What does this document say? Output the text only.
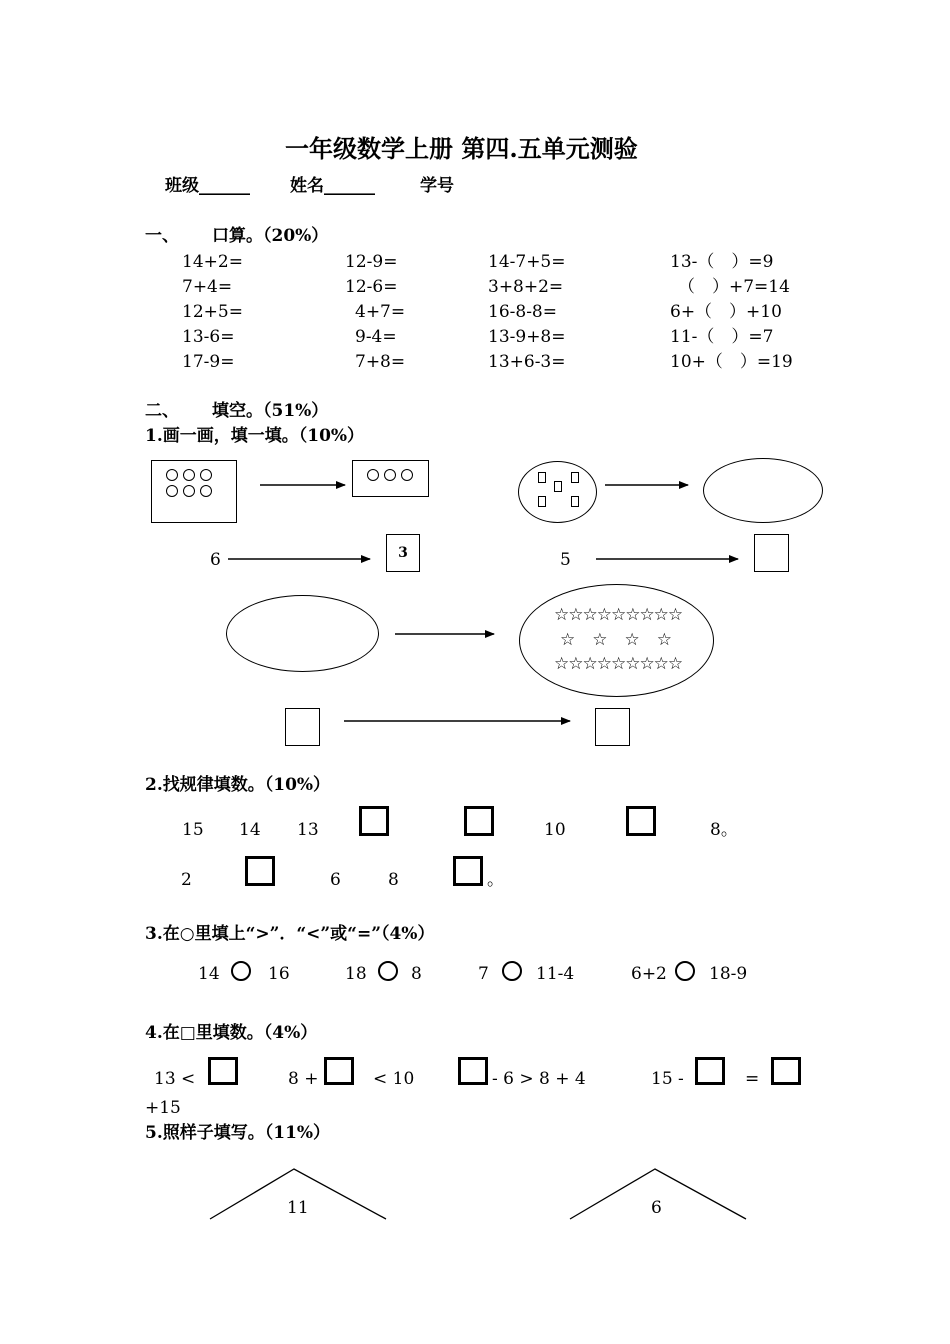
一年级数学上册 第四.五单元测验
班级______ 姓名______	学号
一、 口算。（20%）
14+2=	12-9=	14-7+5=	13-（　）=9
7+4=	12-6=	3+8+2=	（　）+7=14
12+5=	4+7=	16-8-8=	6+（　）+10
13-6=	9-4=	13-9+8=	11-（　）=7
17-9=	7+8=	13+6-3=	10+（　）=19
二、 填空。（51%）
1.画一画，填一填。（10%）
6	3	5
☆☆☆☆☆☆☆☆☆
☆　☆　☆　☆
☆☆☆☆☆☆☆☆☆
2.找规律填数。（10%）
15 14 13	10	8。
2	6	8	。
3.在○里填上“>”．“<”或“=”（4%）
14	16	18	8	7	11-4	6+2 18-9
4.在□里填数。（4%）
13 <	8 +	< 10	- 6 > 8 + 4	15 -	=
+15
5.照样子填写。（11%）
11	6
